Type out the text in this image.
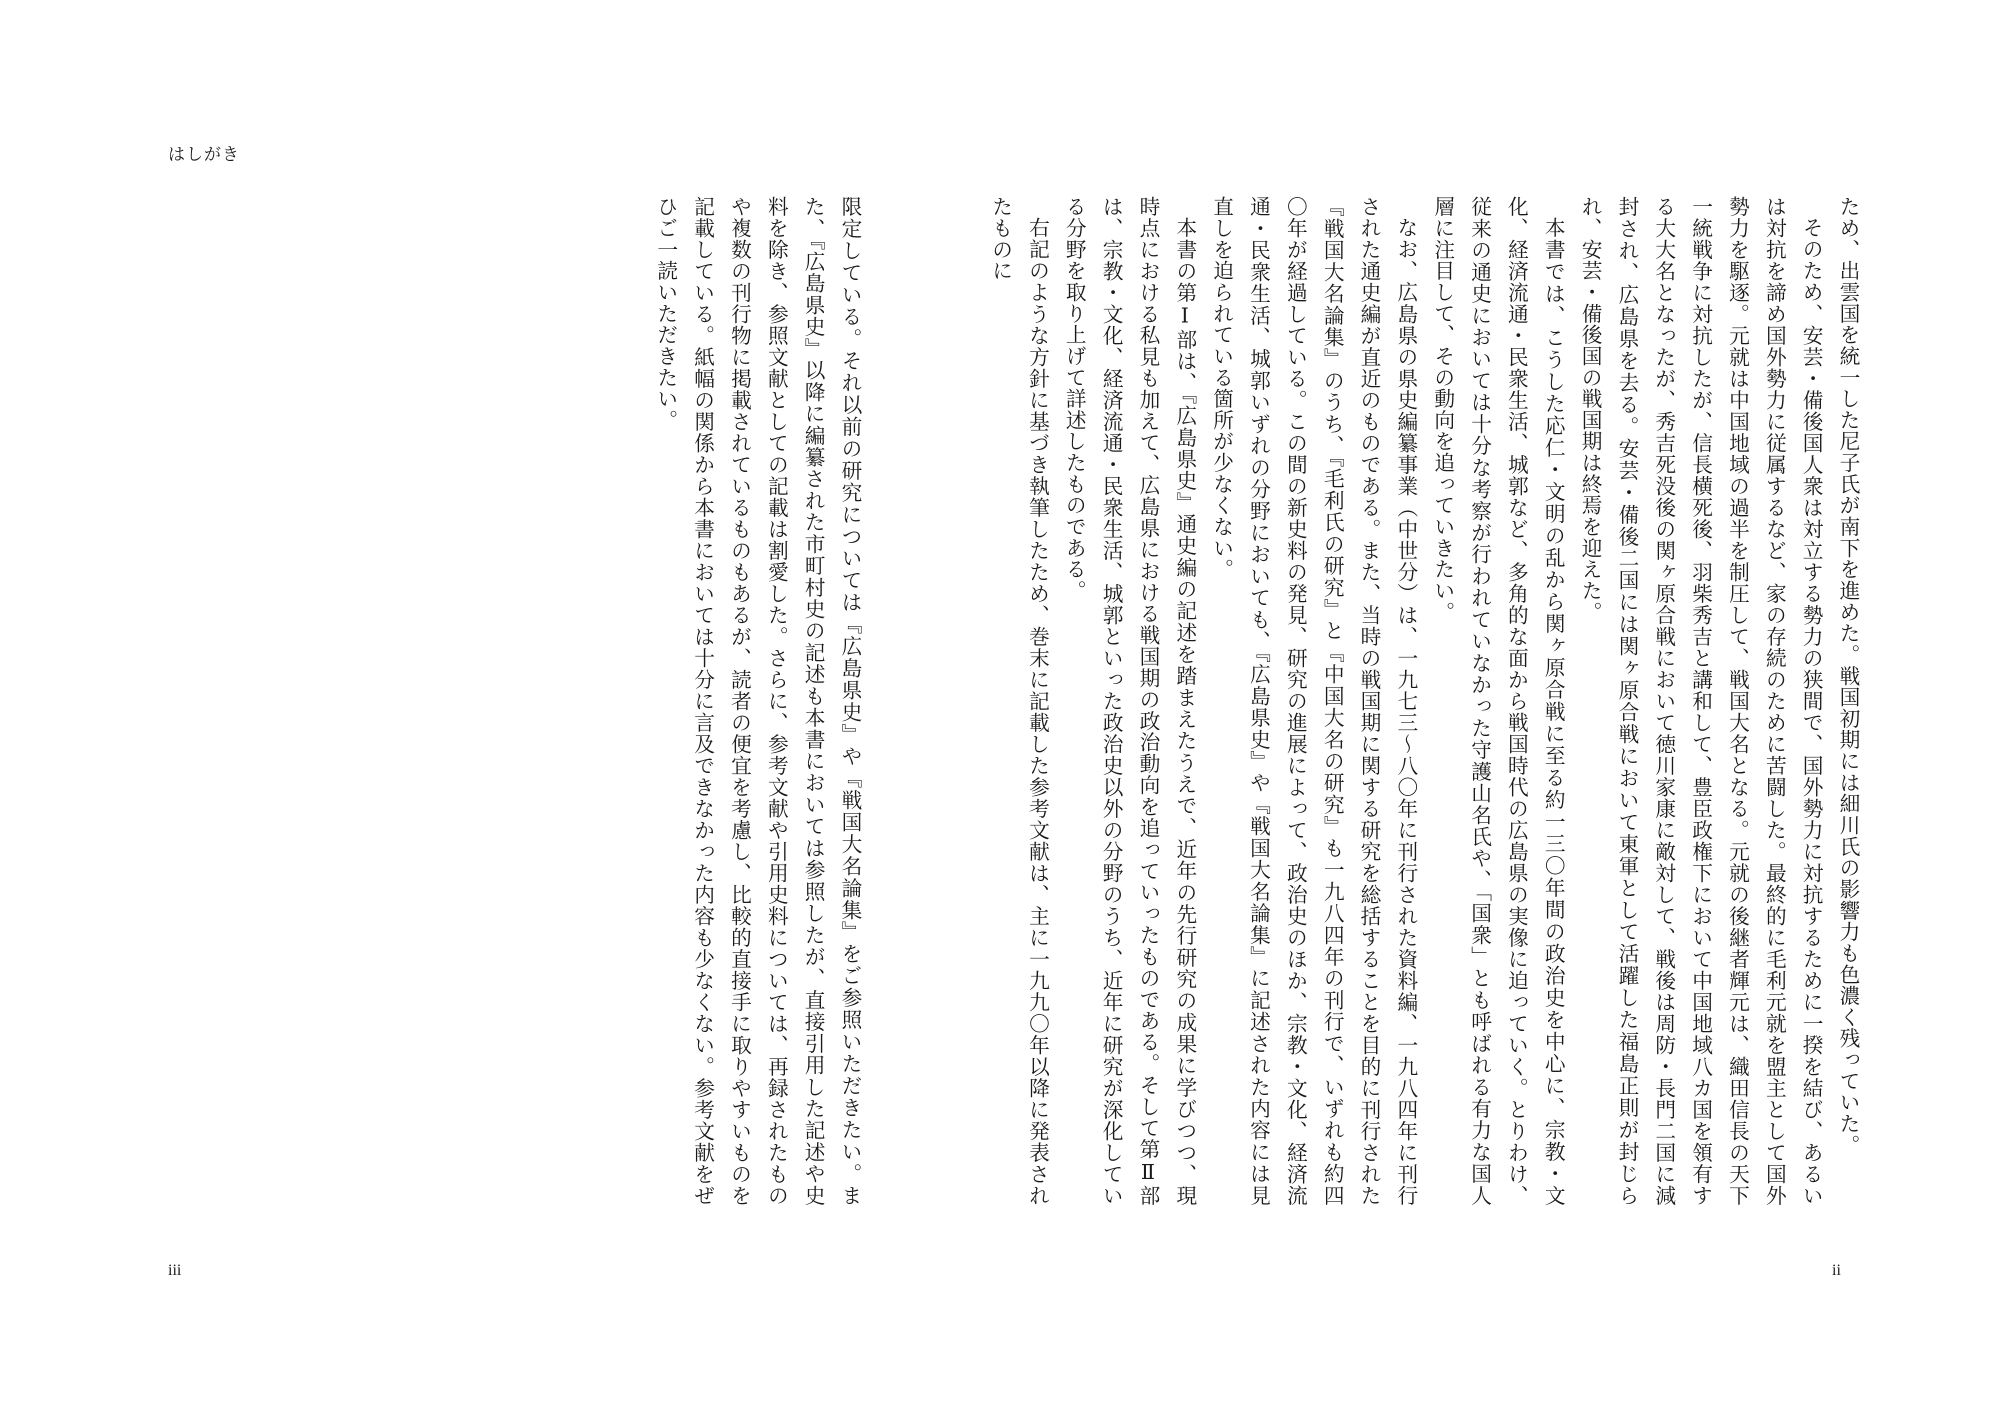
はしがき

ため、出雲国を統一した尼子氏が南下を進めた。戦国初期には細川氏の影響力も色濃く残っていた。

そのため、安芸・備後国人衆は対立する勢力の狭間で、国外勢力に対抗するために一揆を結び、あるいは対抗を諦め国外勢力に従属するなど、家の存続のために苦闘した。最終的に毛利元就を盟主として国外勢力を駆逐。元就は中国地域の過半を制圧して、戦国大名となる。元就の後継者輝元は、織田信長の天下一統戦争に対抗したが、信長横死後、羽柴秀吉と講和して、豊臣政権下において中国地域八カ国を領有する大大名となったが、秀吉死没後の関ヶ原合戦において徳川家康に敵対して、戦後は周防・長門二国に減封され、広島県を去る。安芸・備後二国には関ヶ原合戦において東軍として活躍した福島正則が封じられ、安芸・備後国の戦国期は終焉を迎えた。

本書では、こうした応仁・文明の乱から関ヶ原合戦に至る約一三〇年間の政治史を中心に、宗教・文化、経済流通・民衆生活、城郭など、多角的な面から戦国時代の広島県の実像に迫っていく。とりわけ、従来の通史においては十分な考察が行われていなかった守護山名氏や、「国衆」とも呼ばれる有力な国人層に注目して、その動向を追っていきたい。

なお、広島県の県史編纂事業（中世分）は、一九七三～八〇年に刊行された資料編、一九八四年に刊行された通史編が直近のものである。また、当時の戦国期に関する研究を総括することを目的に刊行された『戦国大名論集』のうち、『毛利氏の研究』と『中国大名の研究』も一九八四年の刊行で、いずれも約四〇年が経過している。この間の新史料の発見、研究の進展によって、政治史のほか、宗教・文化、経済流通・民衆生活、城郭いずれの分野においても、『広島県史』や『戦国大名論集』に記述された内容には見直しを迫られている箇所が少なくない。

本書の第Ⅰ部は、『広島県史』通史編の記述を踏まえたうえで、近年の先行研究の成果に学びつつ、現時点における私見も加えて、広島県における戦国期の政治動向を追っていったものである。そして第Ⅱ部は、宗教・文化、経済流通・民衆生活、城郭といった政治史以外の分野のうち、近年に研究が深化している分野を取り上げて詳述したものである。

右記のような方針に基づき執筆したため、巻末に記載した参考文献は、主に一九九〇年以降に発表されたものに

限定している。それ以前の研究については『広島県史』や『戦国大名論集』をご参照いただきたい。また、『広島県史』以降に編纂された市町村史の記述も本書においては参照したが、直接引用した記述や史料を除き、参照文献としての記載は割愛した。さらに、参考文献や引用史料については、再録されたものや複数の刊行物に掲載されているものもあるが、読者の便宜を考慮し、比較的直接手に取りやすいものを記載している。紙幅の関係から本書においては十分に言及できなかった内容も少なくない。参考文献をぜひご一読いただきたい。

iii	ii
